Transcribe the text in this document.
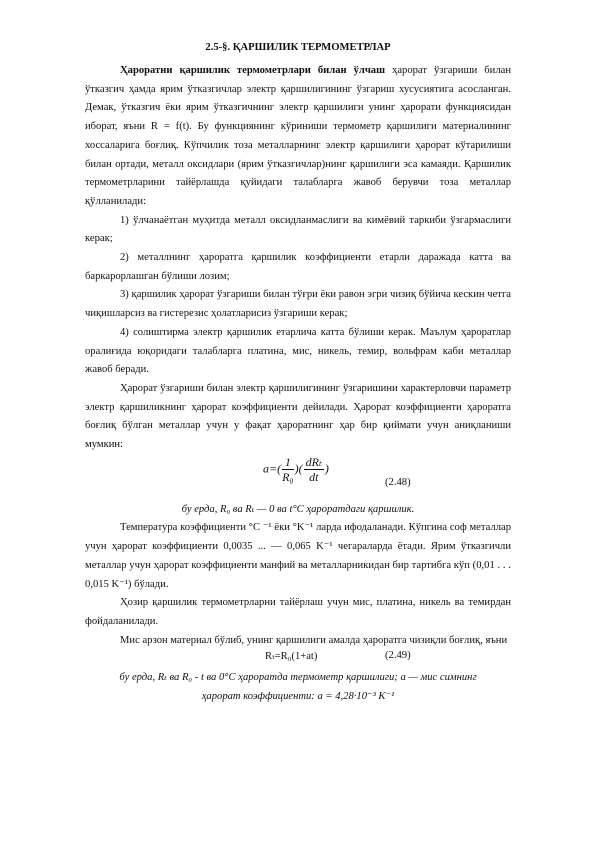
2.5-§. ҚАРШИЛИК ТЕРМОМЕТРЛАР

Ҳароратни қаршилик термометрлари билан ўлчаш ҳарорат ўзгариши билан ўтказгич ҳамда ярим ўтказгичлар электр қаршилигининг ўзгариш хусусиятига асосланган. Демак, ўтказгич ёки ярим ўтказгичнинг электр қаршилиги унинг ҳарорати функциясидан иборат, яъни R = f(t). Бу функциянинг кўриниши термометр қаршилиги материалининг хоссаларига боғлиқ. Кўпчилик тоза металларнинг электр қаршилиги ҳарорат кўтарилиши билан ортади, металл оксидлари (ярим ўтказгичлар)нинг қаршилиги эса камаяди. Қаршилик термометрларини тайёрлашда қуйидаги талабларга жавоб берувчи тоза металлар қўлланилади:

1) ўлчанаётган муҳитда металл оксидланмаслиги ва кимёвий таркиби ўзгармаслиги керак;

2) металлнинг ҳароратга қаршилик коэффициенти етарли даражада катта ва баркарорлашган бўлиши лозим;

3) қаршилик ҳарорат ўзгариши билан тўғри ёки равон эгри чизиқ бўйича кескин четга чиқишларсиз ва гистерезис ҳолатларисиз ўзгариши керак;

4) солиштирма электр қаршилик етарлича катта бўлиши керак. Маълум ҳароратлар оралиғида юқоридаги талабларга платина, мис, никель, темир, вольфрам каби металлар жавоб беради.

Ҳарорат ўзгариши билан электр қаршилигининг ўзгаришини характерловчи параметр электр қаршиликнинг ҳарорат коэффициенти дейилади. Ҳарорат коэффициенти ҳароратга боғлиқ бўлган металлар учун у фақат ҳароратнинг ҳар бир қиймати учун аниқланиши мумкин:

$a=( \frac{1}{\text{R₀}}$ )( $\frac{\text{dRₜ}}{dt}$ )
(2.48)

бу ерда, R₀ ва Rₜ — 0 ва t°C ҳароратдаги қаршилик.

Температура коэффициенти °C ⁻¹ ёки °K⁻¹ ларда ифодаланади. Кўпгина соф металлар учун ҳарорат коэффициенти 0,0035 ... — 0,065 K⁻¹ чегараларда ётади. Ярим ўтказгичли металлар учун ҳарорат коэффициенти манфий ва металларникидан бир тартибга кўп (0,01 . . . 0,015 K⁻¹) бўлади.

Ҳозир қаршилик термометрларни тайёрлаш учун мис, платина, никель ва темирдан фойдаланилади.

Мис арзон материал бўлиб, унинг қаршилиги амалда ҳароратга чизиқли боғлиқ, яъни

Rₜ=R₀(1+at)	(2.49)

бу ерда, Rₜ ва R₀ - t ва 0°C ҳароратда термометр қаршилиги; a — мис симнинг

ҳарорат коэффициенти: a = 4,28·10⁻³ K⁻¹
